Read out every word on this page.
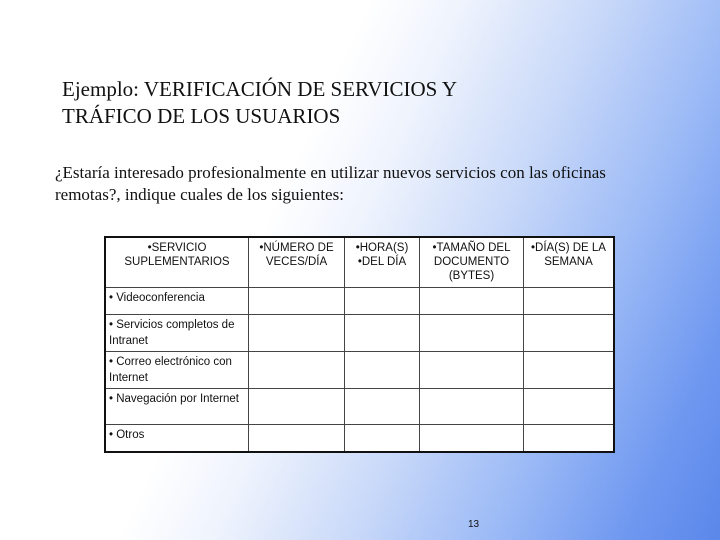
Ejemplo: VERIFICACIÓN DE SERVICIOS Y
TRÁFICO DE LOS USUARIOS

¿Estaría interesado profesionalmente en utilizar nuevos servicios con las oficinas remotas?, indique cuales de los siguientes:

•SERVICIO SUPLEMENTARIOS	•NÚMERO DE VECES/DÍA	•HORA(S) •DEL DÍA	•TAMAÑO DEL DOCUMENTO (BYTES)	•DÍA(S) DE LA SEMANA
• Videoconferencia				
• Servicios completos de Intranet				
• Correo electrónico con Internet				
• Navegación por Internet				
• Otros				
13
